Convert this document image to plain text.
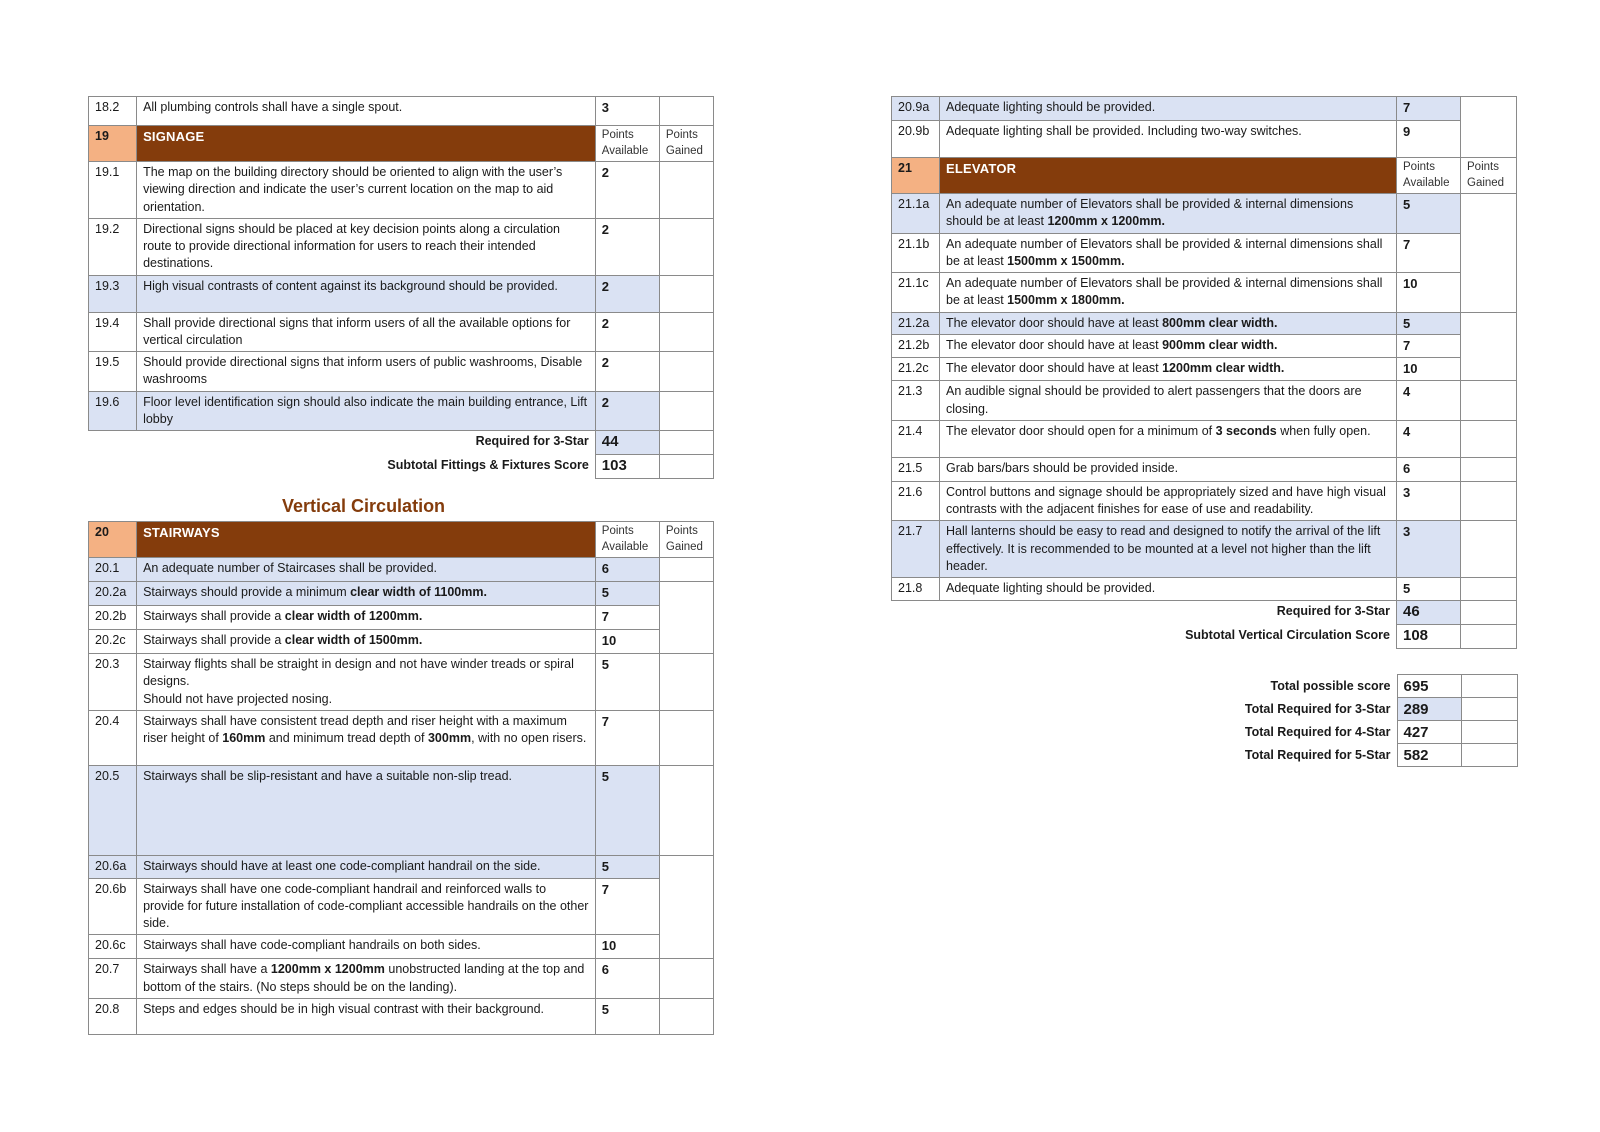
18.2	All plumbing controls shall have a single spout.	3	
19	SIGNAGE	Points Available	Points Gained
19.1	The map on the building directory should be oriented to align with the user’s viewing direction and indicate the user’s current location on the map to aid orientation.	2	
19.2	Directional signs should be placed at key decision points along a circulation route to provide directional information for users to reach their intended destinations.	2	
19.3	High visual contrasts of content against its background should be provided.	2	
19.4	Shall provide directional signs that inform users of all the available options for vertical circulation	2	
19.5	Should provide directional signs that inform users of public washrooms, Disable washrooms	2	
19.6	Floor level identification sign should also indicate the main building entrance, Lift lobby	2	
Required for 3-Star		44	
Subtotal Fittings & Fixtures Score		103	
Vertical Circulation
20	STAIRWAYS	Points Available	Points Gained
20.1	An adequate number of Staircases shall be provided.	6	
20.2a	Stairways should provide a minimum clear width of 1100mm.	5	
20.2b	Stairways shall provide a clear width of 1200mm.	7	
20.2c	Stairways shall provide a clear width of 1500mm.	10	
20.3	Stairway flights shall be straight in design and not have winder treads or spiral designs.
Should not have projected nosing.	5	
20.4	Stairways shall have consistent tread depth and riser height with a maximum riser height of 160mm and minimum tread depth of 300mm, with no open risers.	7	
20.5	Stairways shall be slip-resistant and have a suitable non-slip tread.	5	
20.6a	Stairways should have at least one code-compliant handrail on the side.	5	
20.6b	Stairways shall have one code-compliant handrail and reinforced walls to provide for future installation of code-compliant accessible handrails on the other side.	7	
20.6c	Stairways shall have code-compliant handrails on both sides.	10	
20.7	Stairways shall have a 1200mm x 1200mm unobstructed landing at the top and bottom of the stairs. (No steps should be on the landing).	6	
20.8	Steps and edges should be in high visual contrast with their background.	5	
20.9a	Adequate lighting should be provided.	7	
20.9b	Adequate lighting shall be provided. Including two-way switches.	9	
21	ELEVATOR	Points Available	Points Gained
21.1a	An adequate number of Elevators shall be provided & internal dimensions should be at least 1200mm x 1200mm.	5	
21.1b	An adequate number of Elevators shall be provided & internal dimensions shall be at least 1500mm x 1500mm.	7	
21.1c	An adequate number of Elevators shall be provided & internal dimensions shall be at least 1500mm x 1800mm.	10	
21.2a	The elevator door should have at least 800mm clear width.	5	
21.2b	The elevator door should have at least 900mm clear width.	7	
21.2c	The elevator door should have at least 1200mm clear width.	10	
21.3	An audible signal should be provided to alert passengers that the doors are closing.	4	
21.4	The elevator door should open for a minimum of 3 seconds when fully open.	4	
21.5	Grab bars/bars should be provided inside.	6	
21.6	Control buttons and signage should be appropriately sized and have high visual contrasts with the adjacent finishes for ease of use and readability.	3	
21.7	Hall lanterns should be easy to read and designed to notify the arrival of the lift effectively. It is recommended to be mounted at a level not higher than the lift header.	3	
21.8	Adequate lighting should be provided.	5	
Required for 3-Star		46	
Subtotal Vertical Circulation Score		108	
Total possible score	695	
Total Required for 3-Star	289	
Total Required for 4-Star	427	
Total Required for 5-Star	582	
